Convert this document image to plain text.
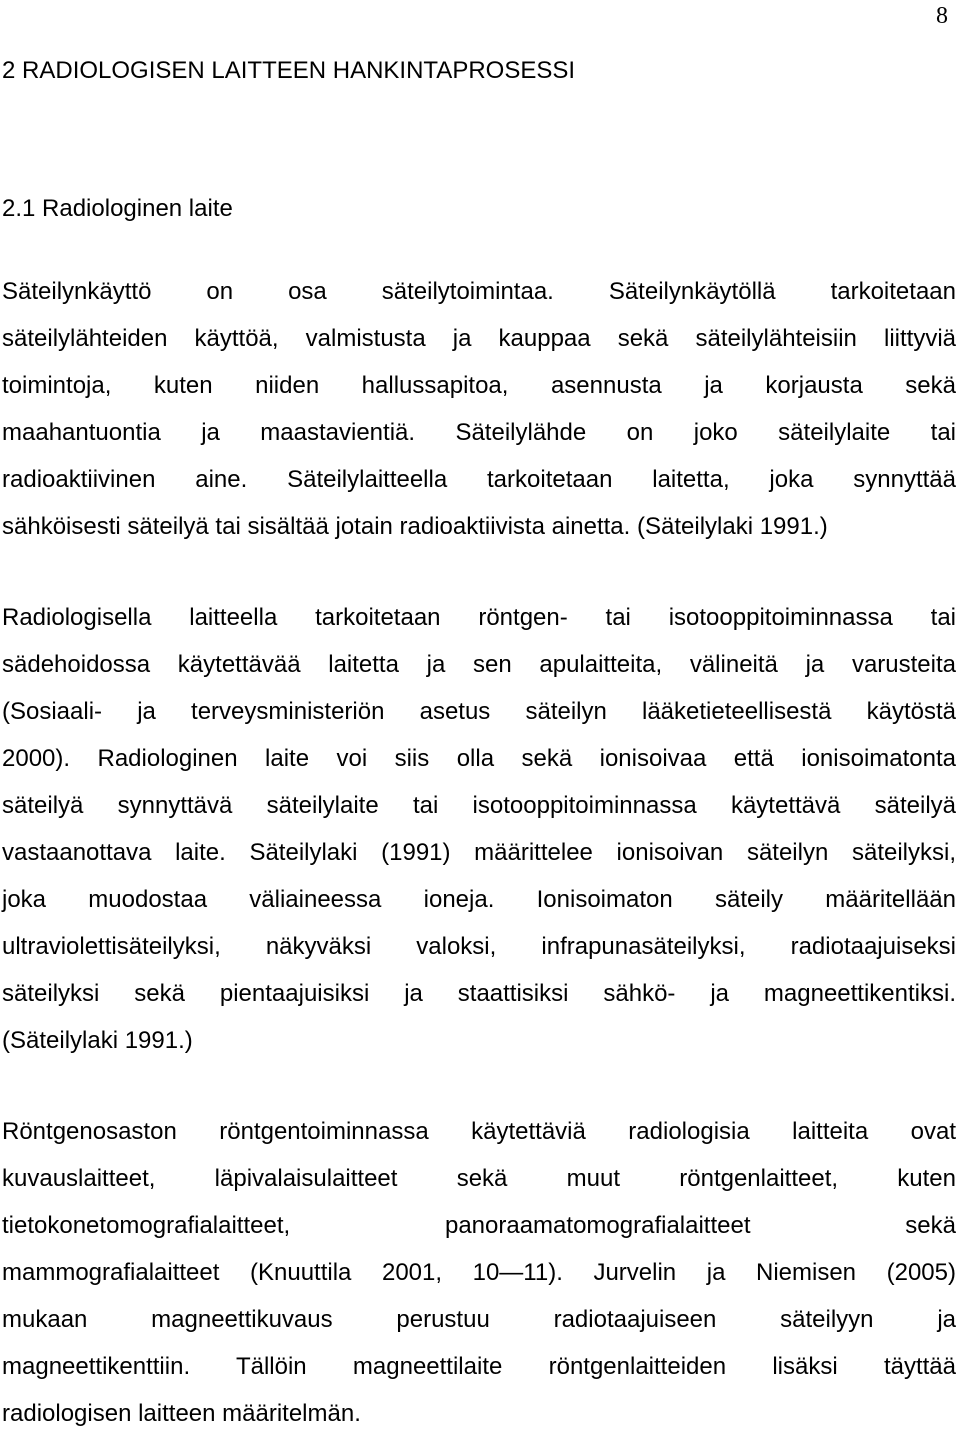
8
2 RADIOLOGISEN LAITTEEN HANKINTAPROSESSI
2.1 Radiologinen laite

Säteilynkäyttö on osa säteilytoimintaa. Säteilynkäytöllä tarkoitetaan
säteilylähteiden käyttöä, valmistusta ja kauppaa sekä säteilylähteisiin liittyviä
toimintoja, kuten niiden hallussapitoa, asennusta ja korjausta sekä
maahantuontia ja maastavientiä. Säteilylähde on joko säteilylaite tai
radioaktiivinen aine. Säteilylaitteella tarkoitetaan laitetta, joka synnyttää
sähköisesti säteilyä tai sisältää jotain radioaktiivista ainetta. (Säteilylaki 1991.)

Radiologisella laitteella tarkoitetaan röntgen- tai isotooppitoiminnassa tai
sädehoidossa käytettävää laitetta ja sen apulaitteita, välineitä ja varusteita
(Sosiaali- ja terveysministeriön asetus säteilyn lääketieteellisestä käytöstä
2000). Radiologinen laite voi siis olla sekä ionisoivaa että ionisoimatonta
säteilyä synnyttävä säteilylaite tai isotooppitoiminnassa käytettävä säteilyä
vastaanottava laite. Säteilylaki (1991) määrittelee ionisoivan säteilyn säteilyksi,
joka muodostaa väliaineessa ioneja. Ionisoimaton säteily määritellään
ultraviolettisäteilyksi, näkyväksi valoksi, infrapunasäteilyksi, radiotaajuiseksi
säteilyksi sekä pientaajuisiksi ja staattisiksi sähkö- ja magneettikentiksi.
(Säteilylaki 1991.)

Röntgenosaston röntgentoiminnassa käytettäviä radiologisia laitteita ovat
kuvauslaitteet, läpivalaisulaitteet sekä muut röntgenlaitteet, kuten
tietokonetomografialaitteet, panoraamatomografialaitteet sekä
mammografialaitteet (Knuuttila 2001, 10—11). Jurvelin ja Niemisen (2005)
mukaan magneettikuvaus perustuu radiotaajuiseen säteilyyn ja
magneettikenttiin. Tällöin magneettilaite röntgenlaitteiden lisäksi täyttää
radiologisen laitteen määritelmän.
